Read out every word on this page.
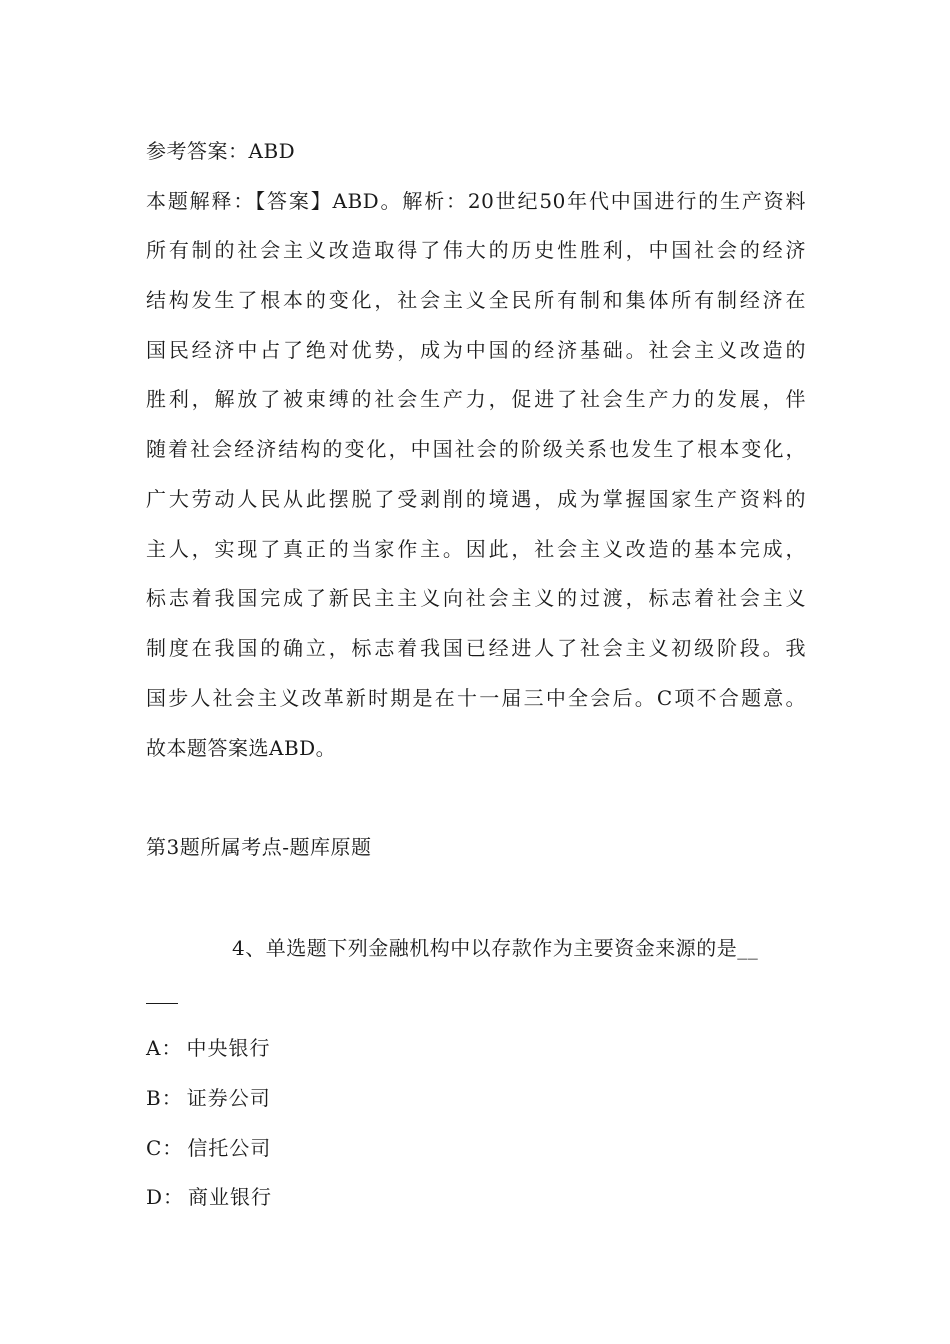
参考答案：ABD
本题解释：【答案】ABD。解析：20世纪50年代中国进行的生产资料
所有制的社会主义改造取得了伟大的历史性胜利，中国社会的经济
结构发生了根本的变化，社会主义全民所有制和集体所有制经济在
国民经济中占了绝对优势，成为中国的经济基础。社会主义改造的
胜利，解放了被束缚的社会生产力，促进了社会生产力的发展，伴
随着社会经济结构的变化，中国社会的阶级关系也发生了根本变化，
广大劳动人民从此摆脱了受剥削的境遇，成为掌握国家生产资料的
主人，实现了真正的当家作主。因此，社会主义改造的基本完成，
标志着我国完成了新民主主义向社会主义的过渡，标志着社会主义
制度在我国的确立，标志着我国已经进人了社会主义初级阶段。我
国步人社会主义改革新时期是在十一届三中全会后。C项不合题意。
故本题答案选ABD。
第3题所属考点-题库原题
4、单选题下列金融机构中以存款作为主要资金来源的是__
A： 中央银行
B： 证券公司
C： 信托公司
D： 商业银行
